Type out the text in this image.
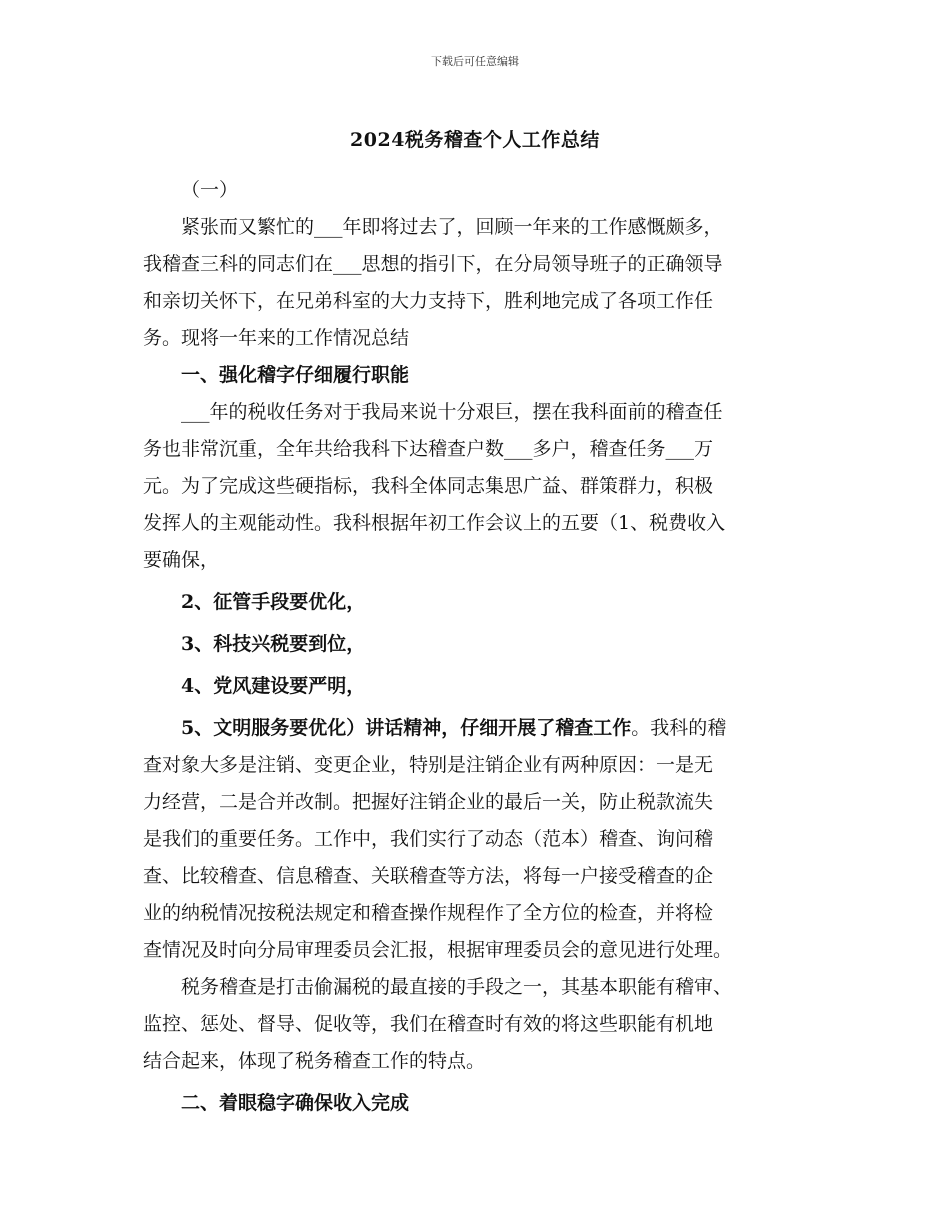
下载后可任意编辑
2024税务稽查个人工作总结
（一）
紧张而又繁忙的___年即将过去了，回顾一年来的工作感慨颇多，
我稽查三科的同志们在___思想的指引下，在分局领导班子的正确领导
和亲切关怀下，在兄弟科室的大力支持下，胜利地完成了各项工作任
务。现将一年来的工作情况总结
一、强化稽字仔细履行职能
___年的税收任务对于我局来说十分艰巨，摆在我科面前的稽查任
务也非常沉重，全年共给我科下达稽查户数___多户，稽查任务___万
元。为了完成这些硬指标，我科全体同志集思广益、群策群力，积极
发挥人的主观能动性。我科根据年初工作会议上的五要（1、税费收入
要确保，
2、征管手段要优化，
3、科技兴税要到位，
4、党风建设要严明，
5、文明服务要优化）讲话精神，仔细开展了稽查工作。我科的稽
查对象大多是注销、变更企业，特别是注销企业有两种原因：一是无
力经营，二是合并改制。把握好注销企业的最后一关，防止税款流失
是我们的重要任务。工作中，我们实行了动态（范本）稽查、询问稽
查、比较稽查、信息稽查、关联稽查等方法，将每一户接受稽查的企
业的纳税情况按税法规定和稽查操作规程作了全方位的检查，并将检
查情况及时向分局审理委员会汇报，根据审理委员会的意见进行处理。
税务稽查是打击偷漏税的最直接的手段之一，其基本职能有稽审、
监控、惩处、督导、促收等，我们在稽查时有效的将这些职能有机地
结合起来，体现了税务稽查工作的特点。
二、着眼稳字确保收入完成
